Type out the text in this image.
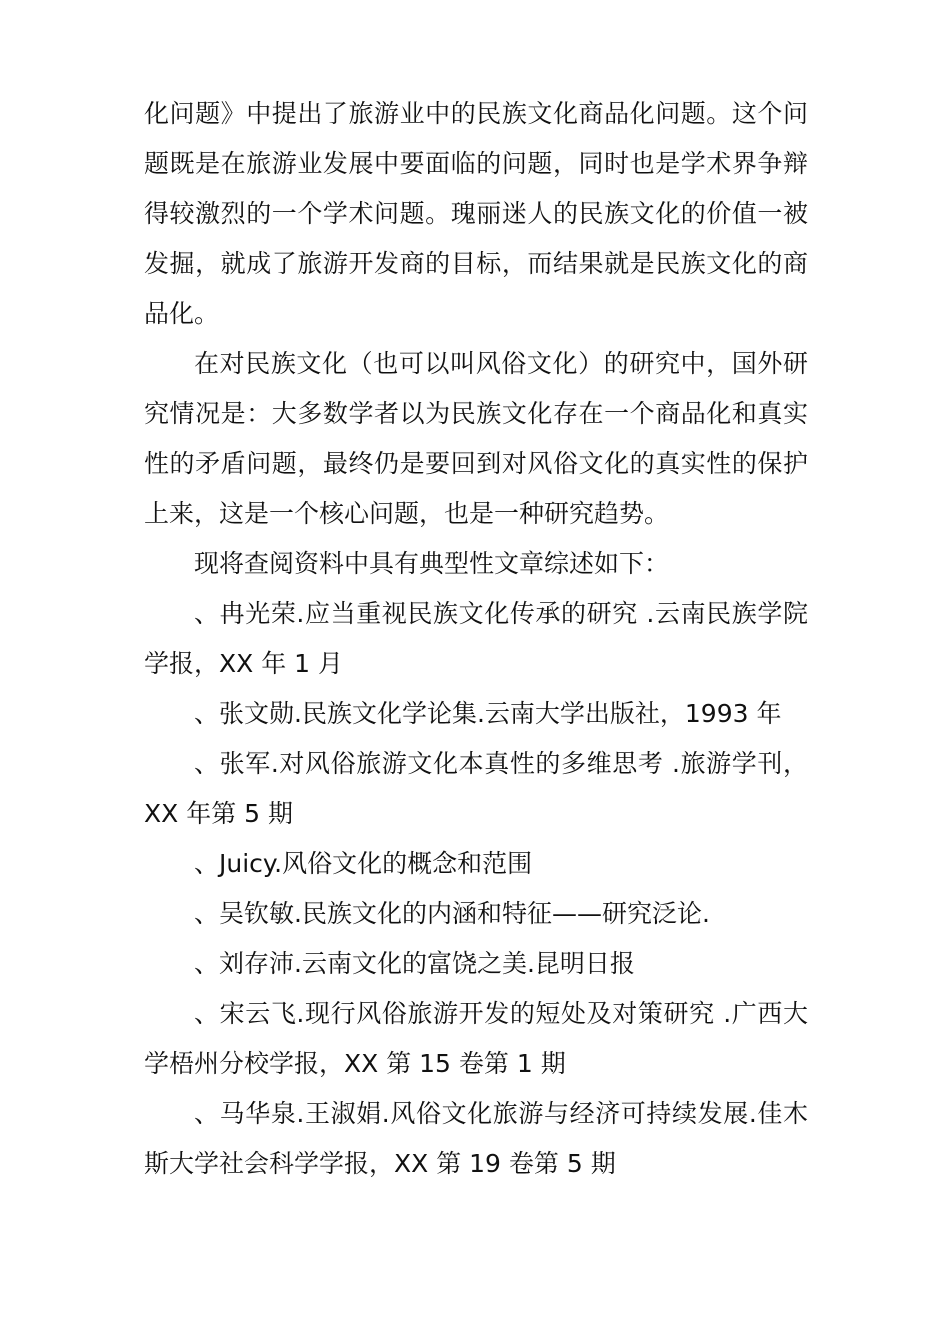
化问题》中提出了旅游业中的民族文化商品化问题。这个问题既是在旅游业发展中要面临的问题，同时也是学术界争辩得较激烈的一个学术问题。瑰丽迷人的民族文化的价值一被发掘，就成了旅游开发商的目标，而结果就是民族文化的商品化。

在对民族文化（也可以叫风俗文化）的研究中，国外研究情况是：大多数学者以为民族文化存在一个商品化和真实性的矛盾问题，最终仍是要回到对风俗文化的真实性的保护上来，这是一个核心问题，也是一种研究趋势。

现将查阅资料中具有典型性文章综述如下：

、冉光荣.应当重视民族文化传承的研究 .云南民族学院学报，XX 年 1 月

、张文勋.民族文化学论集.云南大学出版社，1993 年

、张军.对风俗旅游文化本真性的多维思考 .旅游学刊，XX 年第 5 期

、Juicy.风俗文化的概念和范围

、吴钦敏.民族文化的内涵和特征——研究泛论.

、刘存沛.云南文化的富饶之美.昆明日报

、宋云飞.现行风俗旅游开发的短处及对策研究 .广西大学梧州分校学报，XX 第 15 卷第 1 期

、马华泉.王淑娟.风俗文化旅游与经济可持续发展.佳木斯大学社会科学学报，XX 第 19 卷第 5 期
